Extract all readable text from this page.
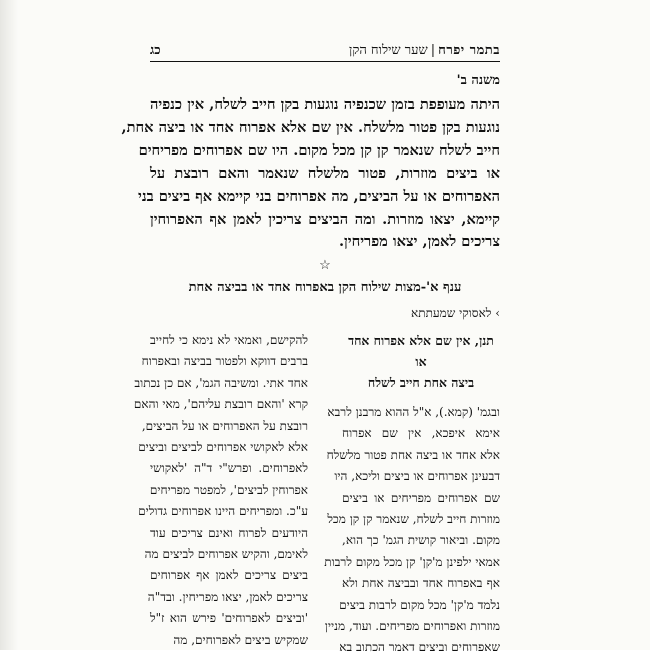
בתמר יפרח|שער שילוח הקן
כג
משנה ב'
היתה מעופפת בזמן שכנפיה נוגעות בקן חייב לשלח, אין כנפיה
נוגעות בקן פטור מלשלח. אין שם אלא אפרוח אחד או ביצה אחת,
חייב לשלח שנאמר קן קן מכל מקום. היו שם אפרוחים מפריחים
או ביצים מוזרות, פטור מלשלח שנאמר והאם רובצת על
האפרוחים או על הביצים, מה אפרוחים בני קיימא אף ביצים בני
קיימא, יצאו מוזרות. ומה הביצים צריכין לאמן אף האפרוחין
צריכים לאמן, יצאו מפריחין.
☆
ענף א'-מצות שילוח הקן באפרוח אחד או בביצה אחת
› לאסוקי שמעתתא
תנן, אין שם אלא אפרוח אחד או
ביצה אחת חייב לשלח
ובגמ' (קמא.), א"ל ההוא מרבנן לרבא
אימא איפכא, אין שם אפרוח
אלא אחד או ביצה אחת פטור מלשלח
דבעינן אפרוחים או ביצים וליכא, היו
שם אפרוחים מפריחים או ביצים
מוזרות חייב לשלח, שנאמר קן קן מכל
מקום. וביאור קושית הגמ' כך הוא,
אמאי ילפינן מ'קן' קן מכל מקום לרבות
אף באפרוח אחד ובביצה אחת ולא
נלמד מ'קן' מכל מקום לרבות ביצים
מוזרות ואפרוחים מפריחים. ועוד, מניין
שאפרוחים וביצים דאמר הכתוב בא
להקישם, ואמאי לא נימא כי לחייב
ברבים דווקא ולפטור בביצה ובאפרוח
אחד אתי. ומשיבה הגמ', אם כן נכתוב
קרא 'והאם רובצת עליהם', מאי והאם
רובצת על האפרוחים או על הביצים,
אלא לאקושי אפרוחים לביצים וביצים
לאפרוחים. ופרש"י ד"ה 'לאקושי
אפרוחין לביצים', למפטר מפריחים
ע"כ. ומפריחים היינו אפרוחים גדולים
היודעים לפרוח ואינם צריכים עוד
לאימם, והקיש אפרוחים לביצים מה
ביצים צריכים לאמן אף אפרוחים
צריכים לאמן, יצאו מפריחין. ובד"ה
'וביצים לאפרוחים' פירש הוא ז"ל
שמקיש ביצים לאפרוחים, מה
